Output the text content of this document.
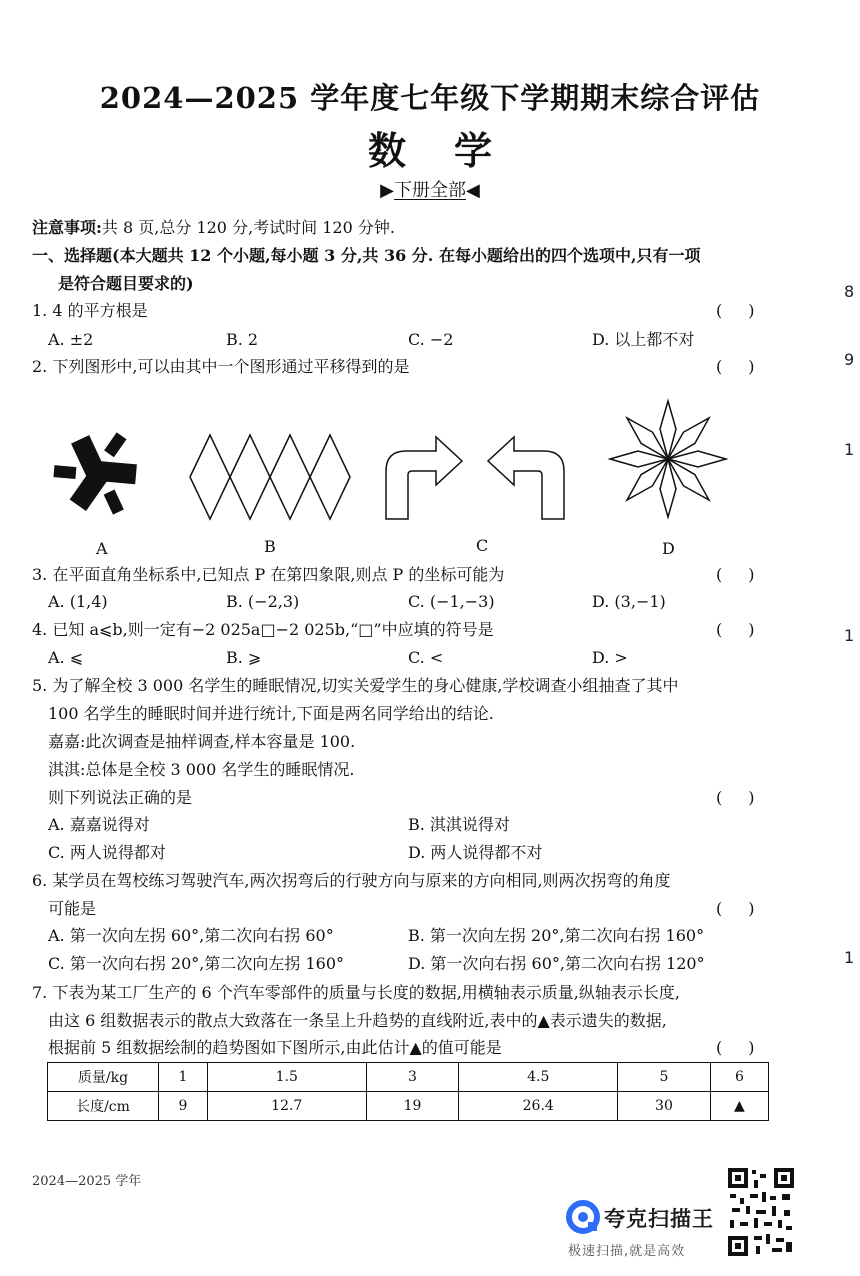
2024—2025 学年度七年级下学期期末综合评估
数学
▶下册全部◀
注意事项:共 8 页,总分 120 分,考试时间 120 分钟.
一、选择题(本大题共 12 个小题,每小题 3 分,共 36 分. 在每小题给出的四个选项中,只有一项
是符合题目要求的)
1. 4 的平方根是	()
A. ±2	B. 2	C. −2	D. 以上都不对
2. 下列图形中,可以由其中一个图形通过平移得到的是	()
A	B	C	D
3. 在平面直角坐标系中,已知点 P 在第四象限,则点 P 的坐标可能为	()
A. (1,4)	B. (−2,3)	C. (−1,−3)	D. (3,−1)
4. 已知 a⩽b,则一定有−2 025a□−2 025b,“□”中应填的符号是	()
A. ⩽	B. ⩾	C. <	D. >
5. 为了解全校 3 000 名学生的睡眠情况,切实关爱学生的身心健康,学校调查小组抽查了其中
100 名学生的睡眠时间并进行统计,下面是两名同学给出的结论.
嘉嘉:此次调查是抽样调查,样本容量是 100.
淇淇:总体是全校 3 000 名学生的睡眠情况.
则下列说法正确的是	()
A. 嘉嘉说得对	B. 淇淇说得对
C. 两人说得都对	D. 两人说得都不对
6. 某学员在驾校练习驾驶汽车,两次拐弯后的行驶方向与原来的方向相同,则两次拐弯的角度
可能是	()
A. 第一次向左拐 60°,第二次向右拐 60°	B. 第一次向左拐 20°,第二次向右拐 160°
C. 第一次向右拐 20°,第二次向左拐 160°	D. 第一次向右拐 60°,第二次向右拐 120°
7. 下表为某工厂生产的 6 个汽车零部件的质量与长度的数据,用横轴表示质量,纵轴表示长度,
由这 6 组数据表示的散点大致落在一条呈上升趋势的直线附近,表中的▲表示遗失的数据,
根据前 5 组数据绘制的趋势图如下图所示,由此估计▲的值可能是	()
质量/kg	1	1.5	3	4.5	5	6
长度/cm	9	12.7	19	26.4	30	▲
8
9
1
1
1
2024—2025 学年
夸克扫描王
极速扫描,就是高效
